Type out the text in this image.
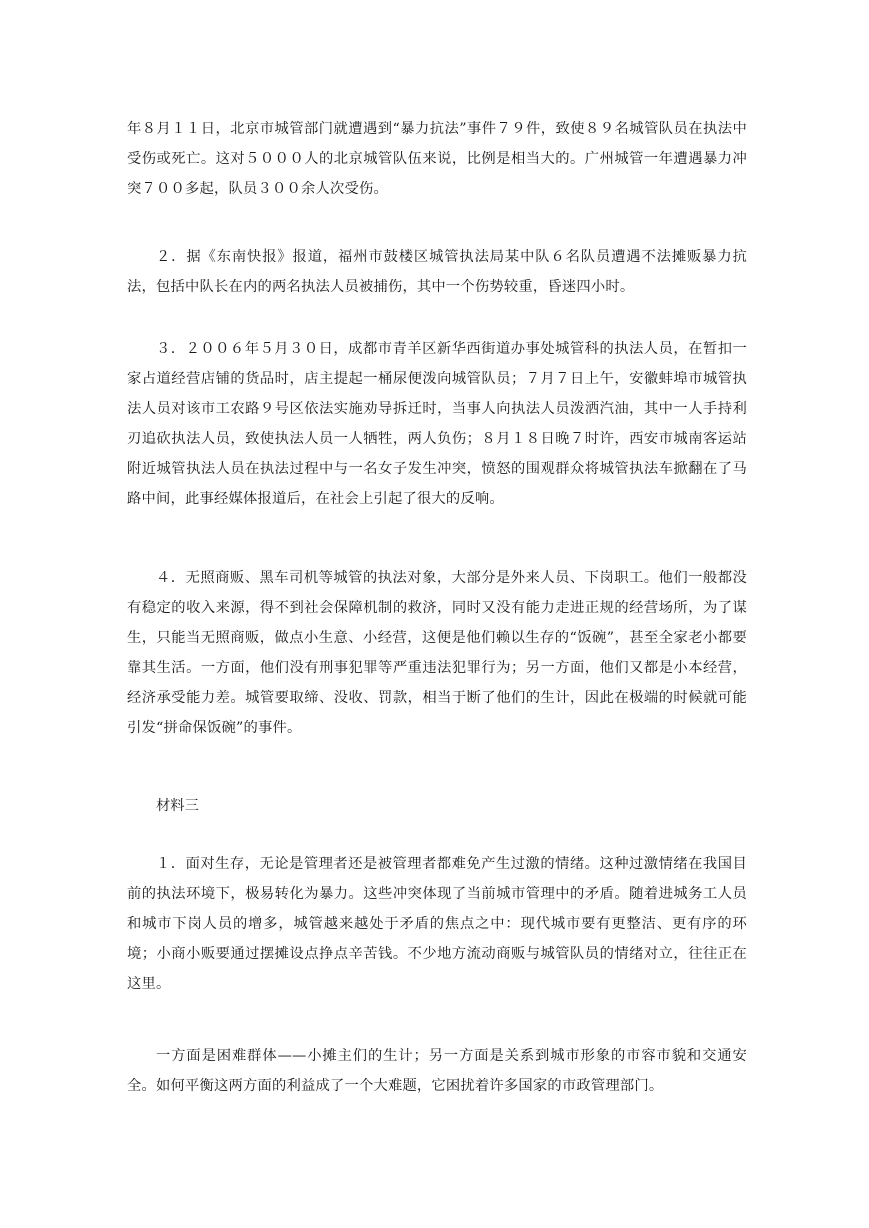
年８月１１日，北京市城管部门就遭遇到“暴力抗法”事件７９件，致使８９名城管队员在执法中受伤或死亡。这对５０００人的北京城管队伍来说，比例是相当大的。广州城管一年遭遇暴力冲突７００多起，队员３００余人次受伤。

２．据《东南快报》报道，福州市鼓楼区城管执法局某中队６名队员遭遇不法摊贩暴力抗法，包括中队长在内的两名执法人员被捕伤，其中一个伤势较重，昏迷四小时。

３．２００６年５月３０日，成都市青羊区新华西街道办事处城管科的执法人员，在暂扣一家占道经营店铺的货品时，店主提起一桶尿便泼向城管队员；７月７日上午，安徽蚌埠市城管执法人员对该市工农路９号区依法实施劝导拆迁时，当事人向执法人员泼洒汽油，其中一人手持利刃追砍执法人员，致使执法人员一人牺牲，两人负伤；８月１８日晚７时许，西安市城南客运站附近城管执法人员在执法过程中与一名女子发生冲突，愤怒的围观群众将城管执法车掀翻在了马路中间，此事经媒体报道后，在社会上引起了很大的反响。

４．无照商贩、黑车司机等城管的执法对象，大部分是外来人员、下岗职工。他们一般都没有稳定的收入来源，得不到社会保障机制的救济，同时又没有能力走进正规的经营场所，为了谋生，只能当无照商贩，做点小生意、小经营，这便是他们赖以生存的“饭碗”，甚至全家老小都要靠其生活。一方面，他们没有刑事犯罪等严重违法犯罪行为；另一方面，他们又都是小本经营，经济承受能力差。城管要取缔、没收、罚款，相当于断了他们的生计，因此在极端的时候就可能引发“拼命保饭碗”的事件。

材料三

１．面对生存，无论是管理者还是被管理者都难免产生过激的情绪。这种过激情绪在我国目前的执法环境下，极易转化为暴力。这些冲突体现了当前城市管理中的矛盾。随着进城务工人员和城市下岗人员的增多，城管越来越处于矛盾的焦点之中：现代城市要有更整洁、更有序的环境；小商小贩要通过摆摊设点挣点辛苦钱。不少地方流动商贩与城管队员的情绪对立，往往正在这里。

一方面是困难群体——小摊主们的生计；另一方面是关系到城市形象的市容市貌和交通安全。如何平衡这两方面的利益成了一个大难题，它困扰着许多国家的市政管理部门。
